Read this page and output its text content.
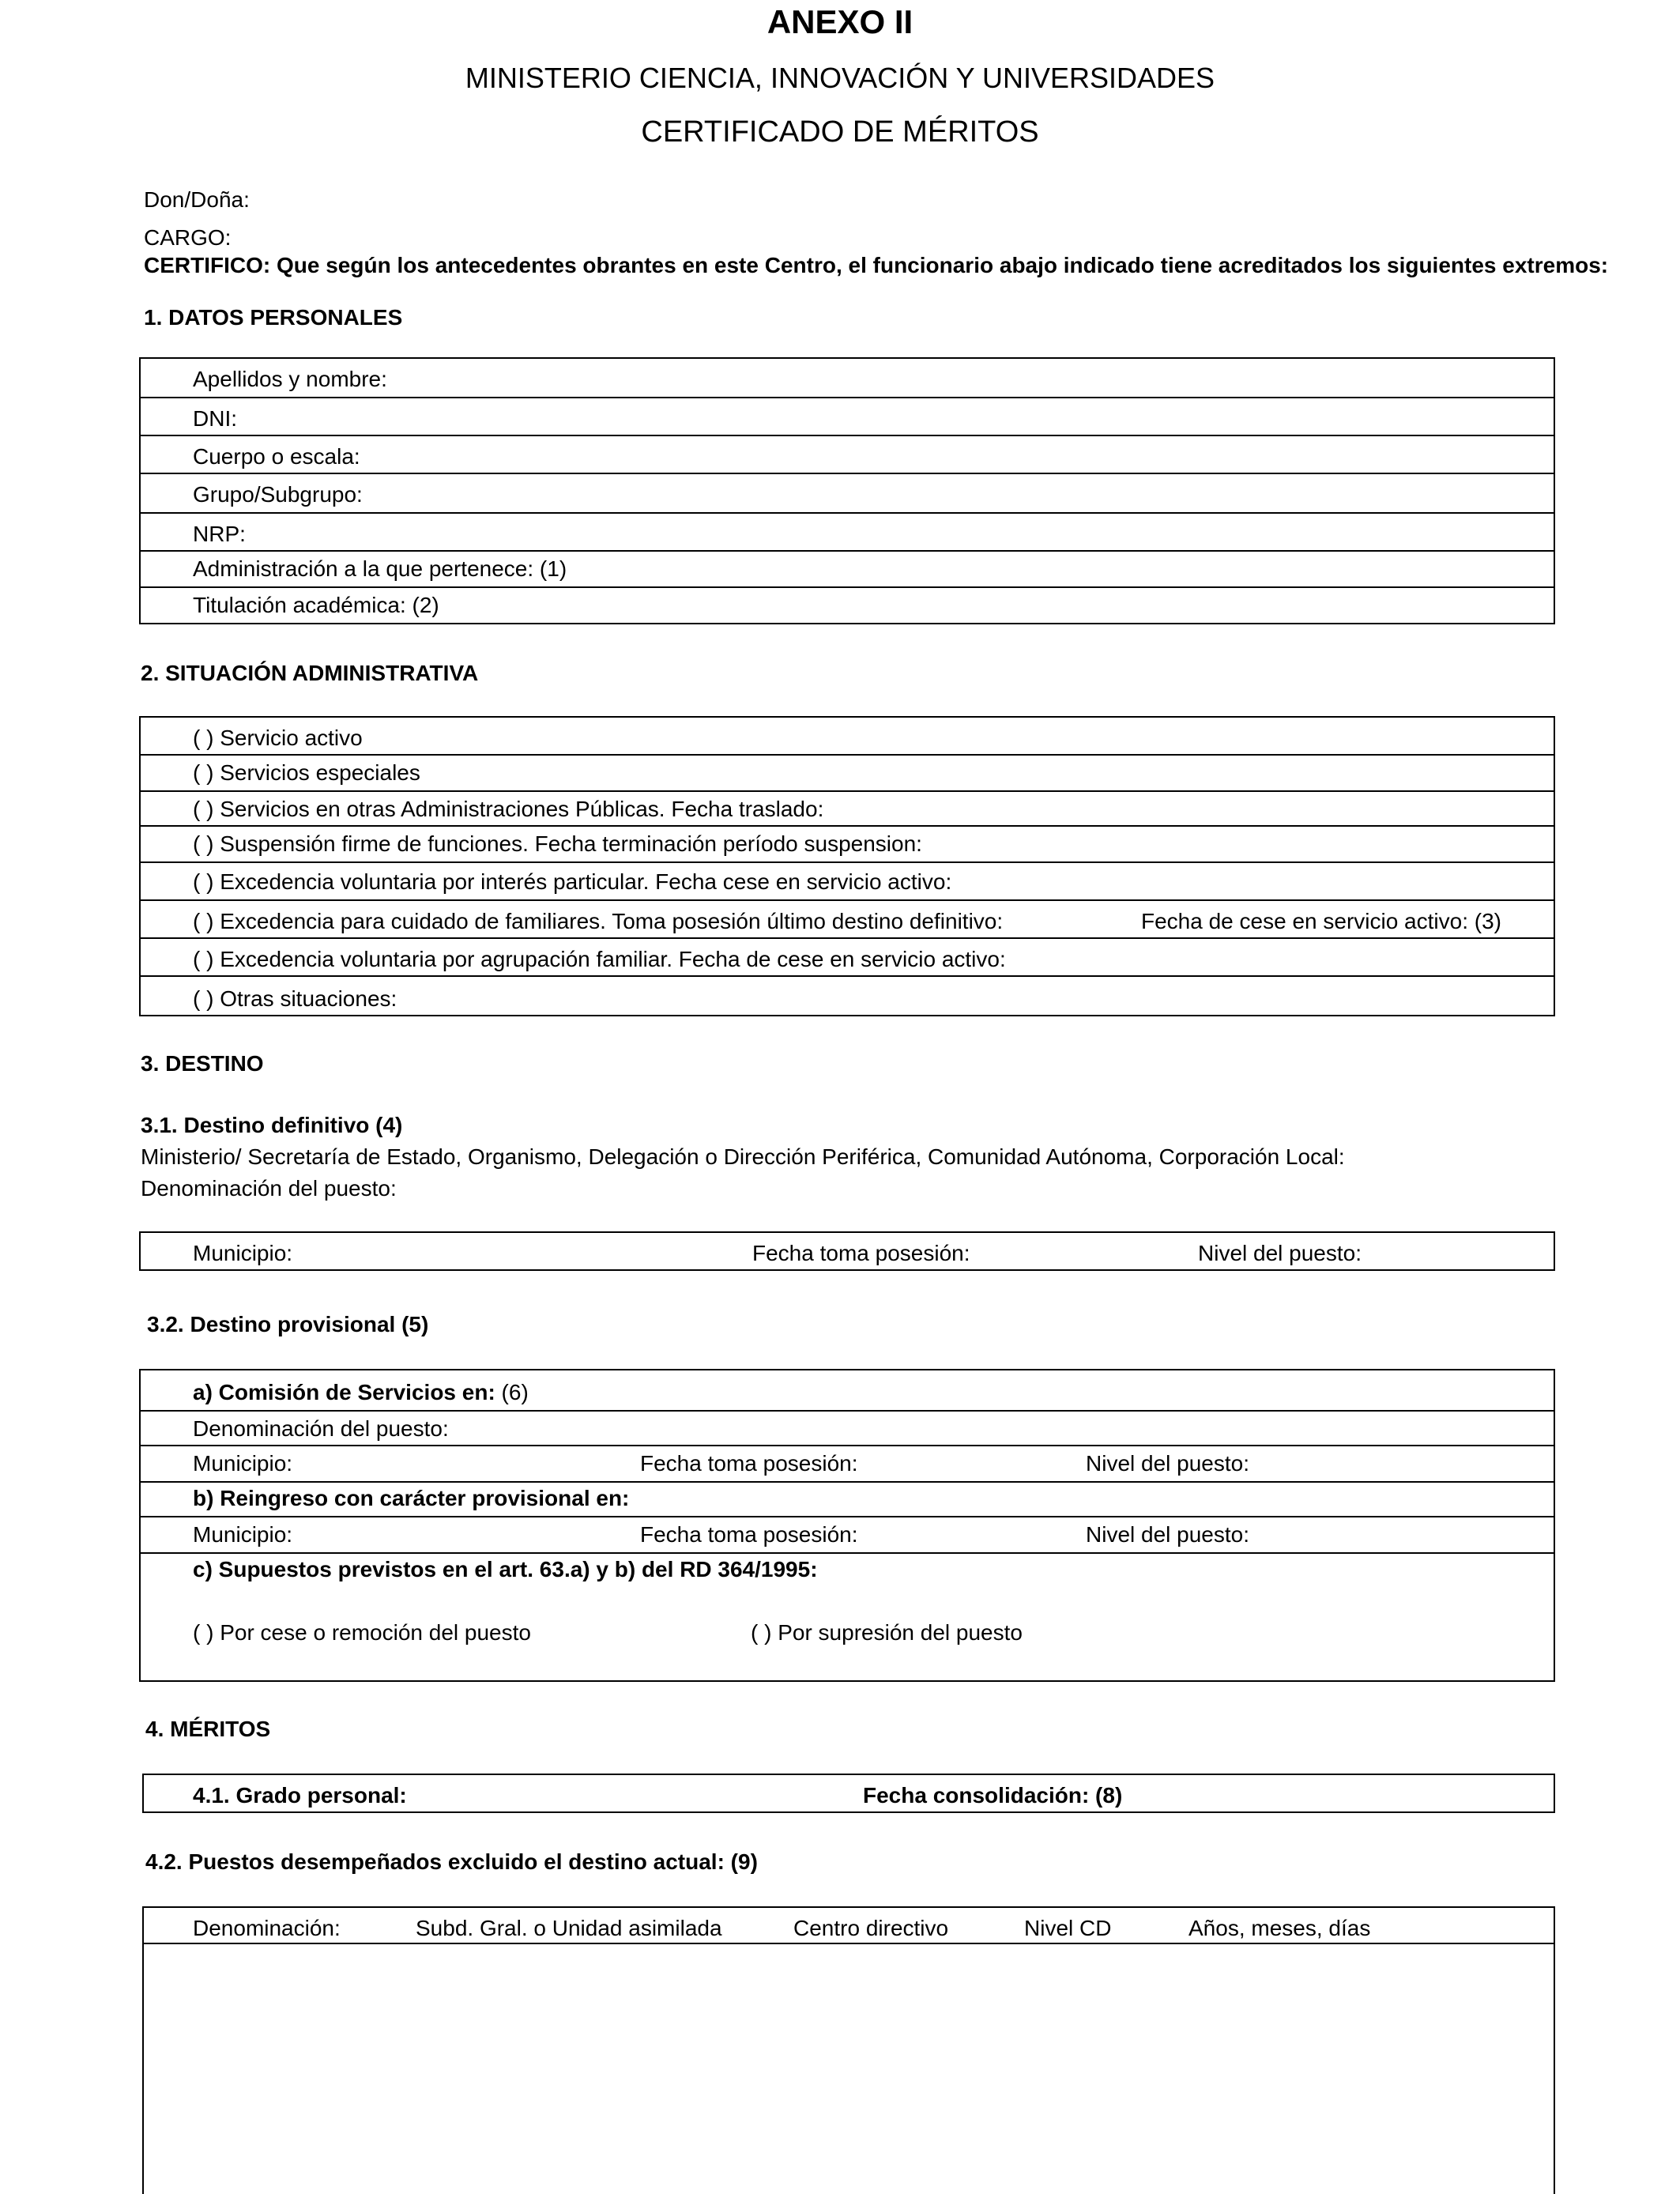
ANEXO II
MINISTERIO CIENCIA, INNOVACIÓN Y UNIVERSIDADES
CERTIFICADO DE MÉRITOS
Don/Doña:
CARGO:
CERTIFICO: Que según los antecedentes obrantes en este Centro, el funcionario abajo indicado tiene acreditados los siguientes extremos:
1. DATOS PERSONALES
Apellidos y nombre:
DNI:
Cuerpo o escala:
Grupo/Subgrupo:
NRP:
Administración a la que pertenece: (1)
Titulación académica: (2)
2. SITUACIÓN ADMINISTRATIVA
( ) Servicio activo
( ) Servicios especiales
( ) Servicios en otras Administraciones Públicas. Fecha traslado:
( ) Suspensión firme de funciones. Fecha terminación período suspension:
( ) Excedencia voluntaria por interés particular. Fecha cese en servicio activo:
( ) Excedencia para cuidado de familiares. Toma posesión último destino definitivo:	Fecha de cese en servicio activo: (3)
( ) Excedencia voluntaria por agrupación familiar. Fecha de cese en servicio activo:
( ) Otras situaciones:
3. DESTINO
3.1. Destino definitivo (4)
Ministerio/ Secretaría de Estado, Organismo, Delegación o Dirección Periférica, Comunidad Autónoma, Corporación Local:
Denominación del puesto:
Municipio:	Fecha toma posesión:	Nivel del puesto:
3.2. Destino provisional (5)
a) Comisión de Servicios en: (6)
Denominación del puesto:
Municipio:	Fecha toma posesión:	Nivel del puesto:
b) Reingreso con carácter provisional en:
Municipio:	Fecha toma posesión:	Nivel del puesto:
c) Supuestos previstos en el art. 63.a) y b) del RD 364/1995:
( ) Por cese o remoción del puesto	( ) Por supresión del puesto
4. MÉRITOS
4.1. Grado personal:	Fecha consolidación: (8)
4.2. Puestos desempeñados excluido el destino actual: (9)
Denominación:	Subd. Gral. o Unidad asimilada	Centro directivo	Nivel CD	Años, meses, días
